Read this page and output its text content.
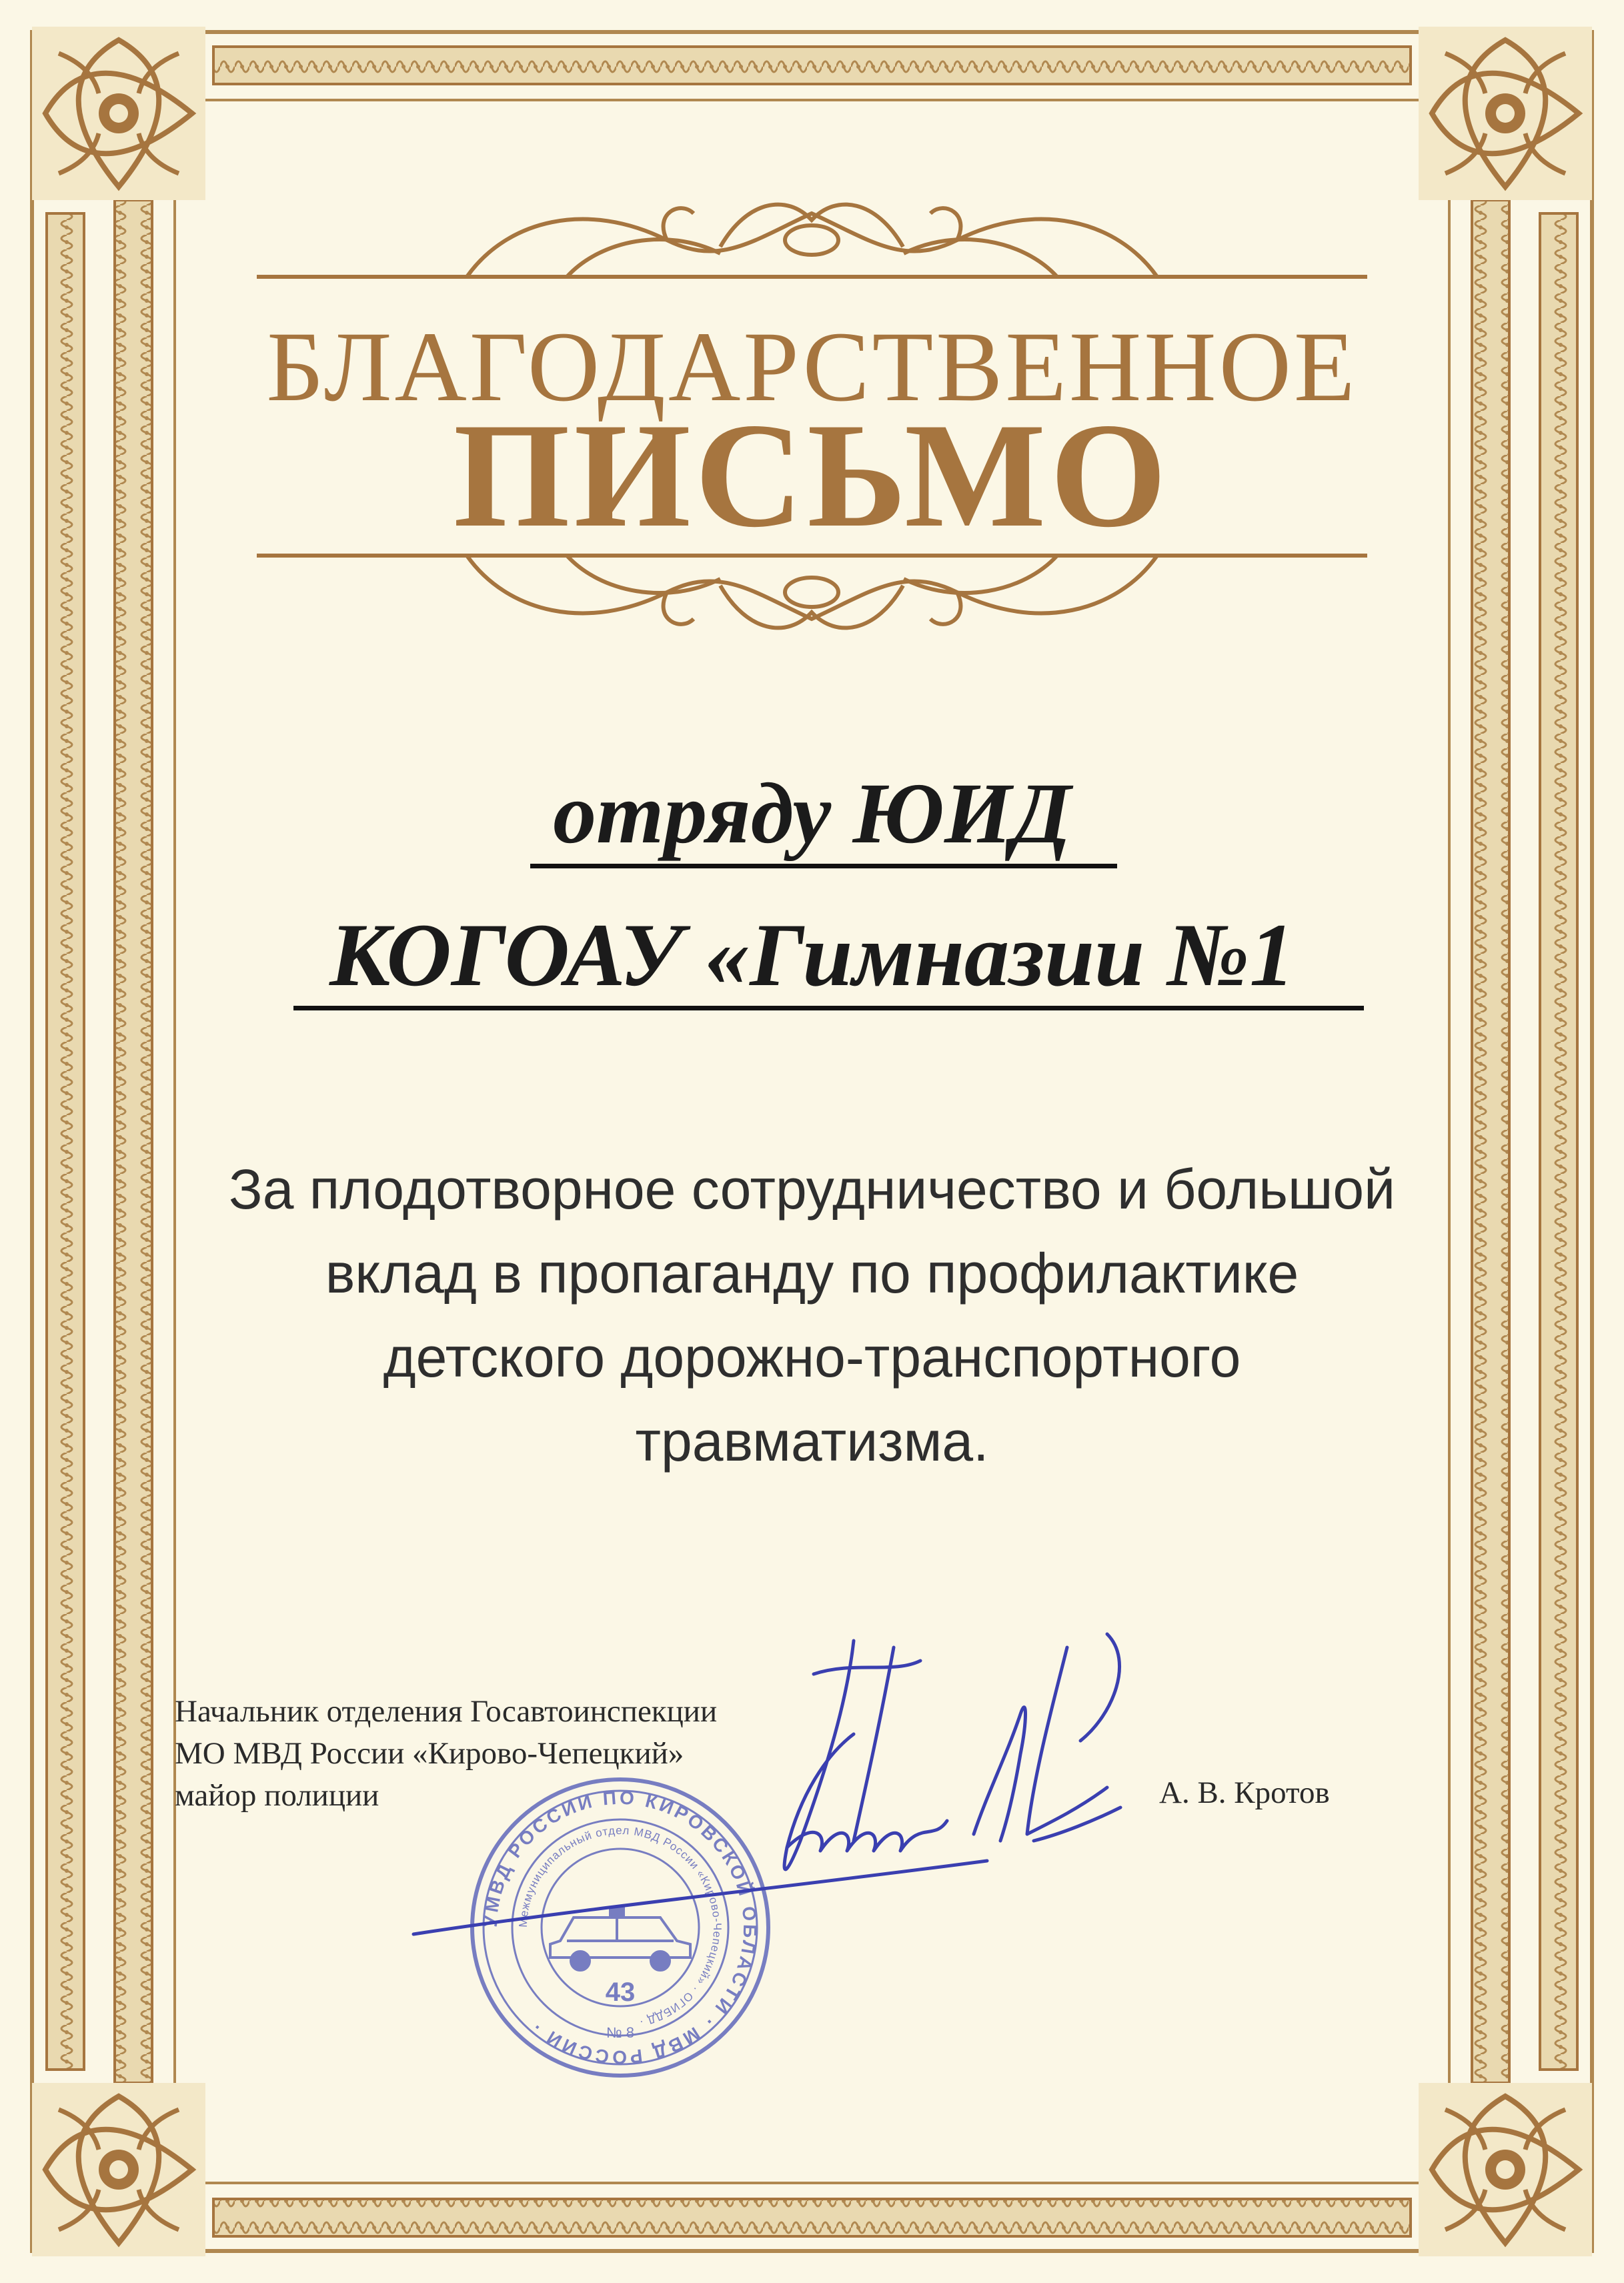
БЛАГОДАРСТВЕННОЕ
ПИСЬМО
отряду ЮИД
КОГОАУ «Гимназии №1
За плодотворное сотрудничество и большой
вклад в пропаганду по профилактике
детского дорожно-транспортного
травматизма.
Начальник отделения Госавтоинспекции
МО МВД России «Кирово-Чепецкий»
майор полиции	А. В. Кротов
УМВД РОССИИ ПО КИРОВСКОЙ ОБЛАСТИ · МВД РОССИИ ·
Межмуниципальный отдел МВД России «Кирово-Чепецкий» · ОГИБДД ·
43
№ 8
